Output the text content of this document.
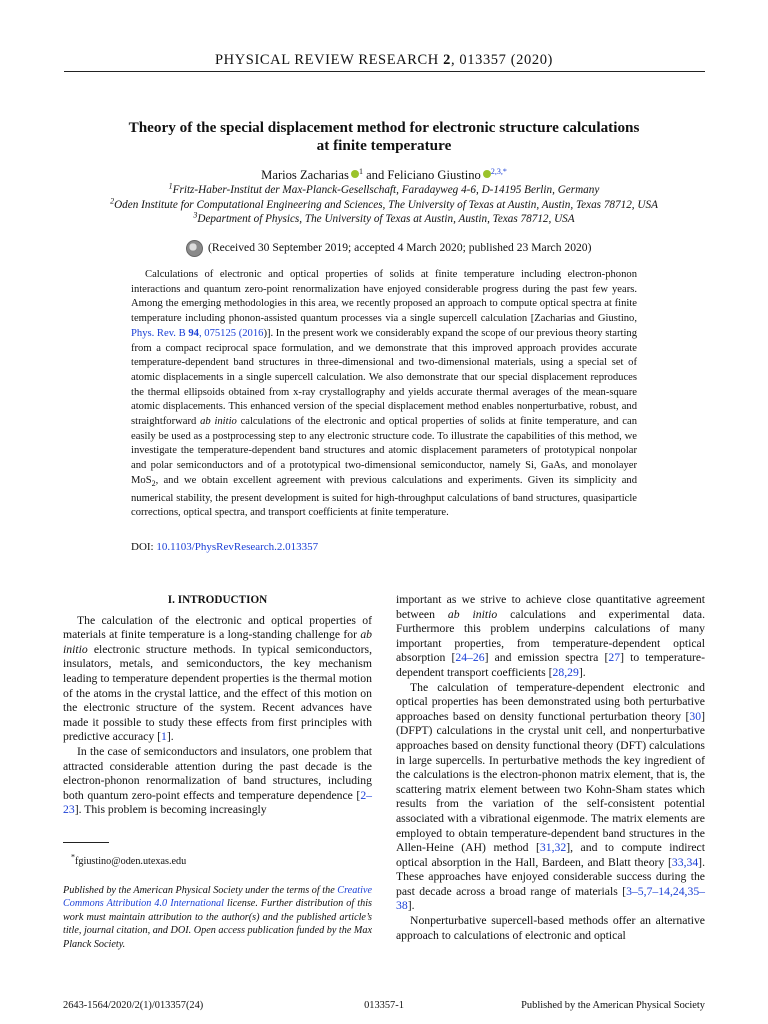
PHYSICAL REVIEW RESEARCH 2, 013357 (2020)
Theory of the special displacement method for electronic structure calculations
at finite temperature
Marios Zacharias $^1$ and Feliciano Giustino $^{2,3,*}$
$^1$Fritz-Haber-Institut der Max-Planck-Gesellschaft, Faradayweg 4-6, D-14195 Berlin, Germany
$^2$Oden Institute for Computational Engineering and Sciences, The University of Texas at Austin, Austin, Texas 78712, USA
$^3$Department of Physics, The University of Texas at Austin, Austin, Texas 78712, USA
(Received 30 September 2019; accepted 4 March 2020; published 23 March 2020)
Calculations of electronic and optical properties of solids at finite temperature including electron-phonon interactions and quantum zero-point renormalization have enjoyed considerable progress during the past few years. Among the emerging methodologies in this area, we recently proposed an approach to compute optical spectra at finite temperature including phonon-assisted quantum processes via a single supercell calculation [Zacharias and Giustino, Phys. Rev. B 94, 075125 (2016)]. In the present work we considerably expand the scope of our previous theory starting from a compact reciprocal space formulation, and we demonstrate that this improved approach provides accurate temperature-dependent band structures in three-dimensional and two-dimensional materials, using a special set of atomic displacements in a single supercell calculation. We also demonstrate that our special displacement reproduces the thermal ellipsoids obtained from x-ray crystallography and yields accurate thermal averages of the mean-square atomic displacements. This enhanced version of the special displacement method enables nonperturbative, robust, and straightforward ab initio calculations of the electronic and optical properties of solids at finite temperature, and can easily be used as a postprocessing step to any electronic structure code. To illustrate the capabilities of this method, we investigate the temperature-dependent band structures and atomic displacement parameters of prototypical nonpolar and polar semiconductors and of a prototypical two-dimensional semiconductor, namely Si, GaAs, and monolayer MoS$_2$, and we obtain excellent agreement with previous calculations and experiments. Given its simplicity and numerical stability, the present development is suited for high-throughput calculations of band structures, quasiparticle corrections, optical spectra, and transport coefficients at finite temperature.
DOI: 10.1103/PhysRevResearch.2.013357

I. INTRODUCTION

The calculation of the electronic and optical properties of materials at finite temperature is a long-standing challenge for ab initio electronic structure methods. In typical semiconductors, insulators, metals, and semiconductors, the key mechanism leading to temperature dependent properties is the thermal motion of the atoms in the crystal lattice, and the effect of this motion on the electronic structure of the system. Recent advances have made it possible to study these effects from first principles with predictive accuracy [1].

In the case of semiconductors and insulators, one problem that attracted considerable attention during the past decade is the electron-phonon renormalization of band structures, including both quantum zero-point effects and temperature dependence [2–23]. This problem is becoming increasingly

*fgiustino@oden.utexas.edu
Published by the American Physical Society under the terms of the Creative Commons Attribution 4.0 International license. Further distribution of this work must maintain attribution to the author(s) and the published article’s title, journal citation, and DOI. Open access publication funded by the Max Planck Society.

important as we strive to achieve close quantitative agreement between ab initio calculations and experimental data. Furthermore this problem underpins calculations of many important properties, from temperature-dependent optical absorption [24–26] and emission spectra [27] to temperature-dependent transport coefficients [28,29].

The calculation of temperature-dependent electronic and optical properties has been demonstrated using both perturbative approaches based on density functional perturbation theory [30] (DFPT) calculations in the crystal unit cell, and nonperturbative approaches based on density functional theory (DFT) calculations in large supercells. In perturbative methods the key ingredient of the calculations is the electron-phonon matrix element, that is, the scattering matrix element between two Kohn-Sham states which results from the variation of the self-consistent potential associated with a vibrational eigenmode. The matrix elements are employed to obtain temperature-dependent band structures in the Allen-Heine (AH) method [31,32], and to compute indirect optical absorption in the Hall, Bardeen, and Blatt theory [33,34]. These approaches have enjoyed considerable success during the past decade across a broad range of materials [3–5,7–14,24,35–38].

Nonperturbative supercell-based methods offer an alternative approach to calculations of electronic and optical

2643-1564/2020/2(1)/013357(24)	013357-1	Published by the American Physical Society
